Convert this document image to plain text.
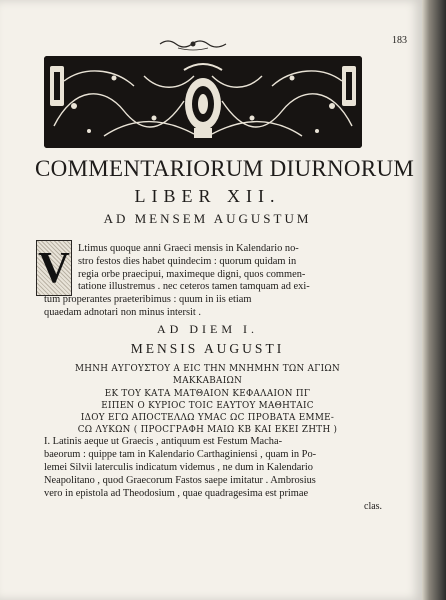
183
COMMENTARIORUM DIURNORUM
LIBER XII.
AD MENSEM AUGUSTUM
V Ltimus quoque anni Graeci mensis in Kalendario no-
stro festos dies habet quindecim : quorum quidam in
regia orbe praecipui, maximeque digni, quos commen-
tatione illustremus . nec ceteros tamen tamquam ad exi-
tum properantes praeteribimus : quum in iis etiam
quaedam adnotari non minus intersit .
AD DIEM I.
MENSIS AUGUSTI
ΜΗΝΗ ΑΥΓΟΥΣΤΟΥ Α ΕΙC ΤΗΝ ΜΝΗΜΗΝ ΤΩΝ ΑΓΙΩΝ
ΜΑΚΚΑΒΑΙΩΝ
ΕΚ ΤΟΥ ΚΑΤΑ ΜΑΤΘΑΙΟΝ ΚΕΦΑΛΑΙΟΝ ΠΓ
ΕΙΠΕΝ Ο ΚΥΡΙΟC ΤΟΙC ΕΑΥΤΟΥ ΜΑΘΗΤΑΙC
ΙΔΟΥ ΕΓΩ ΑΠΟCΤΕΛΛΩ ΥΜΑC ΩC ΠΡΟΒΑΤΑ ΕΜΜΕ-
CΩ ΛΥΚΩΝ ( ΠΡΟCΓΡΑΦΗ ΜΑΙΩ ΚΒ ΚΑΙ ΕΚΕΙ ΖΗΤΗ )
I. Latinis aeque ut Graecis , antiquum est Festum Macha-
baeorum : quippe tam in Kalendario Carthaginiensi , quam in Po-
lemei Silvii laterculis indicatum videmus , ne dum in Kalendario
Neapolitano , quod Graecorum Fastos saepe imitatur . Ambrosius
vero in epistola ad Theodosium , quae quadragesima est primae
clas.
